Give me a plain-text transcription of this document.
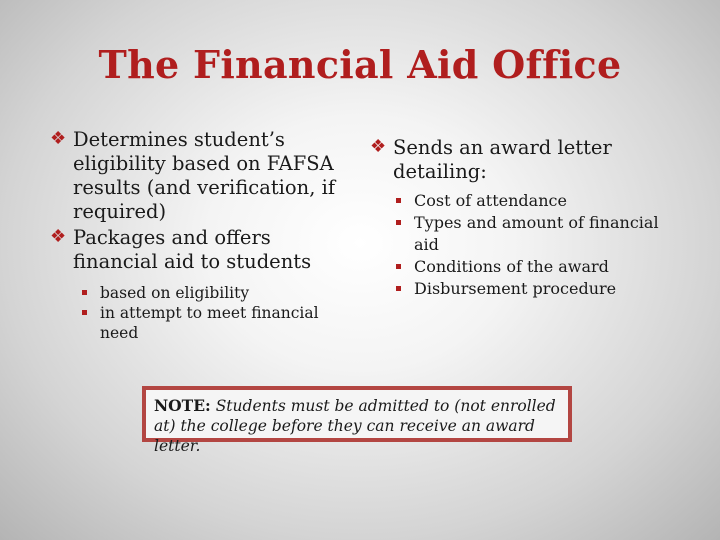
The Financial Aid Office
❖ Determines student’s eligibility based on FAFSA results (and verification, if required)
❖ Packages and offers financial aid to students
based on eligibility
in attempt to meet financial need
❖ Sends an award letter detailing:
Cost of attendance
Types and amount of financial aid
Conditions of the award
Disbursement procedure
NOTE: Students must be admitted to (not enrolled at) the college before they can receive an award letter.
